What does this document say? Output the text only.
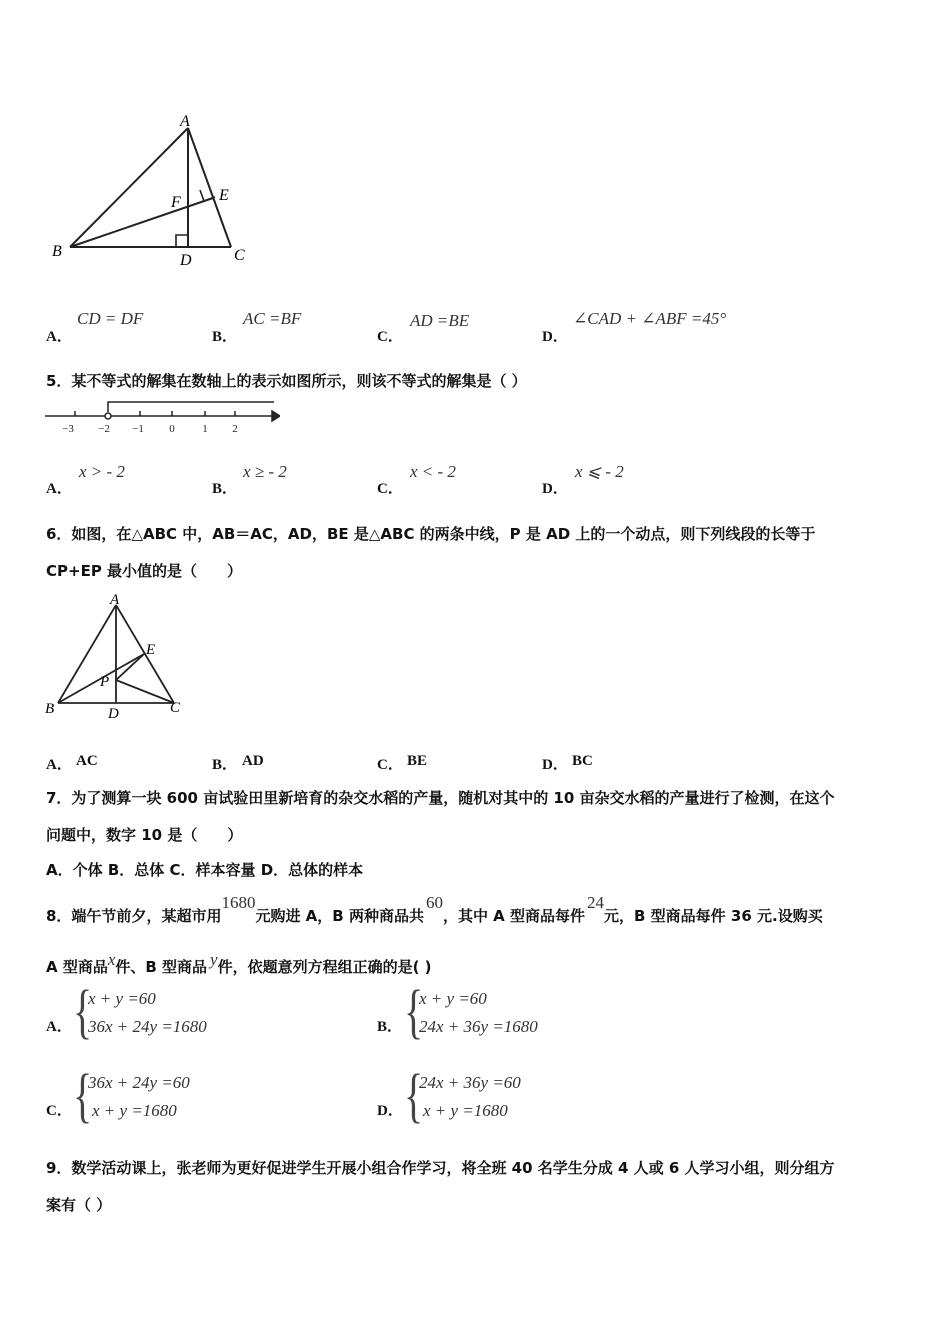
A
B	C
D
E
F
A．
CD = DF
B．
AC =BF
C．
AD =BE
D．
∠CAD + ∠ABF =45°
5．某不等式的解集在数轴上的表示如图所示，则该不等式的解集是（ ）
−3 −2 −1 0	1 2
A．
x > - 2
B．
x ≥ - 2
C．
x < - 2
D．
x ⩽ - 2
6．如图，在△ABC 中，AB＝AC，AD，BE 是△ABC 的两条中线，P 是 AD 上的一个动点，则下列线段的长等于
CP+EP 最小值的是（　　）
A
B	C
D
E
P
A． AC	B． AD	C． BE	D． BC
7．为了测算一块 600 亩试验田里新培育的杂交水稻的产量，随机对其中的 10 亩杂交水稻的产量进行了检测，在这个
问题中，数字 10 是（　　）
A．个体 B．总体 C．样本容量 D．总体的样本
8．端午节前夕，某超市用
1680
元购进 A，B 两种商品共
60
，其中 A 型商品每件
24
元，B 型商品每件 36 元.设购买
A 型商品 x 件、B 型商品 y 件，依题意列方程组正确的是( )
A． {
x + y =60
36x + 24y =1680	B． {
x + y =60
24x + 36y =1680
C． {
36x + 24y =60
x + y =1680	D． {
24x + 36y =60
x + y =1680
9．数学活动课上，张老师为更好促进学生开展小组合作学习，将全班 40 名学生分成 4 人或 6 人学习小组，则分组方
案有（ ）
